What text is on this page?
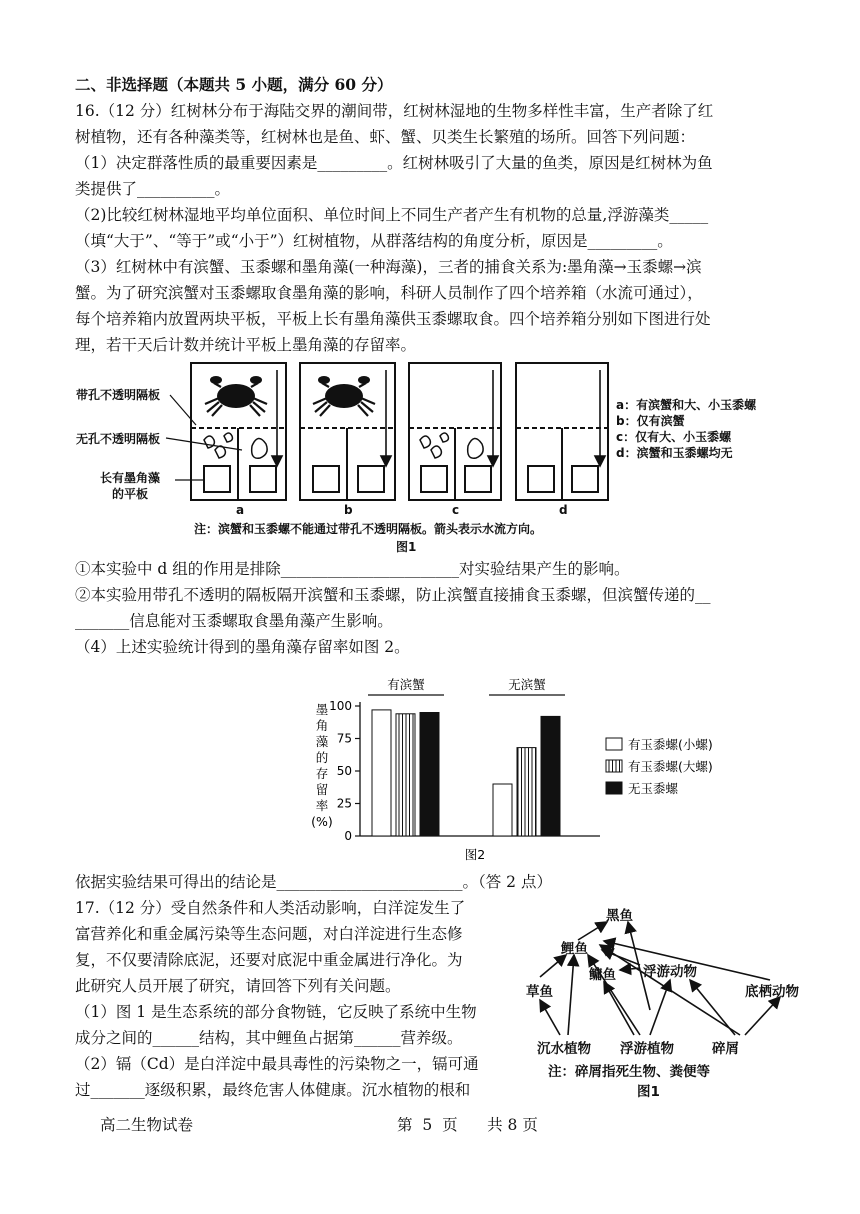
二、非选择题（本题共 5 小题，满分 60 分）
16.（12 分）红树林分布于海陆交界的潮间带，红树林湿地的生物多样性丰富，生产者除了红
树植物，还有各种藻类等，红树林也是鱼、虾、蟹、贝类生长繁殖的场所。回答下列问题：
（1）决定群落性质的最重要因素是_________。红树林吸引了大量的鱼类，原因是红树林为鱼
类提供了__________。
（2)比较红树林湿地平均单位面积、单位时间上不同生产者产生有机物的总量,浮游藻类_____
（填“大于”、“等于”或“小于”）红树植物，从群落结构的角度分析，原因是_________。
（3）红树林中有滨蟹、玉黍螺和墨角藻(一种海藻)，三者的捕食关系为:墨角藻→玉黍螺→滨
蟹。为了研究滨蟹对玉黍螺取食墨角藻的影响，科研人员制作了四个培养箱（水流可通过），
每个培养箱内放置两块平板，平板上长有墨角藻供玉黍螺取食。四个培养箱分别如下图进行处
理，若干天后计数并统计平板上墨角藻的存留率。
带孔不透明隔板
无孔不透明隔板
长有墨角藻
的平板
a	b	c	d
a：有滨蟹和大、小玉黍螺
b：仅有滨蟹
c：仅有大、小玉黍螺
d：滨蟹和玉黍螺均无
注：滨蟹和玉黍螺不能通过带孔不透明隔板。箭头表示水流方向。
图1
①本实验中 d 组的作用是排除_______________________对实验结果产生的影响。
②本实验用带孔不透明的隔板隔开滨蟹和玉黍螺，防止滨蟹直接捕食玉黍螺，但滨蟹传递的__
_______信息能对玉黍螺取食墨角藻产生影响。
（4）上述实验统计得到的墨角藻存留率如图 2。
0
25
50
75
100
墨
角
藻
的
存
留
率
(%)
有滨蟹	无滨蟹
有玉黍螺(小螺)
有玉黍螺(大螺)
无玉黍螺
图2
依据实验结果可得出的结论是________________________。（答 2 点）
17.（12 分）受自然条件和人类活动影响，白洋淀发生了
富营养化和重金属污染等生态问题，对白洋淀进行生态修
复，不仅要清除底泥，还要对底泥中重金属进行净化。为
此研究人员开展了研究，请回答下列有关问题。
（1）图 1 是生态系统的部分食物链，它反映了系统中生物
成分之间的______结构，其中鲤鱼占据第______营养级。
（2）镉（Cd）是白洋淀中最具毒性的污染物之一，镉可通
过_______逐级积累，最终危害人体健康。沉水植物的根和
黑鱼
鲤鱼
鳙鱼 浮游动物
草鱼	底栖动物
沉水植物 浮游植物	碎屑
注：碎屑指死生物、粪便等
图1
高二生物试卷	第  5  页      共 8 页
